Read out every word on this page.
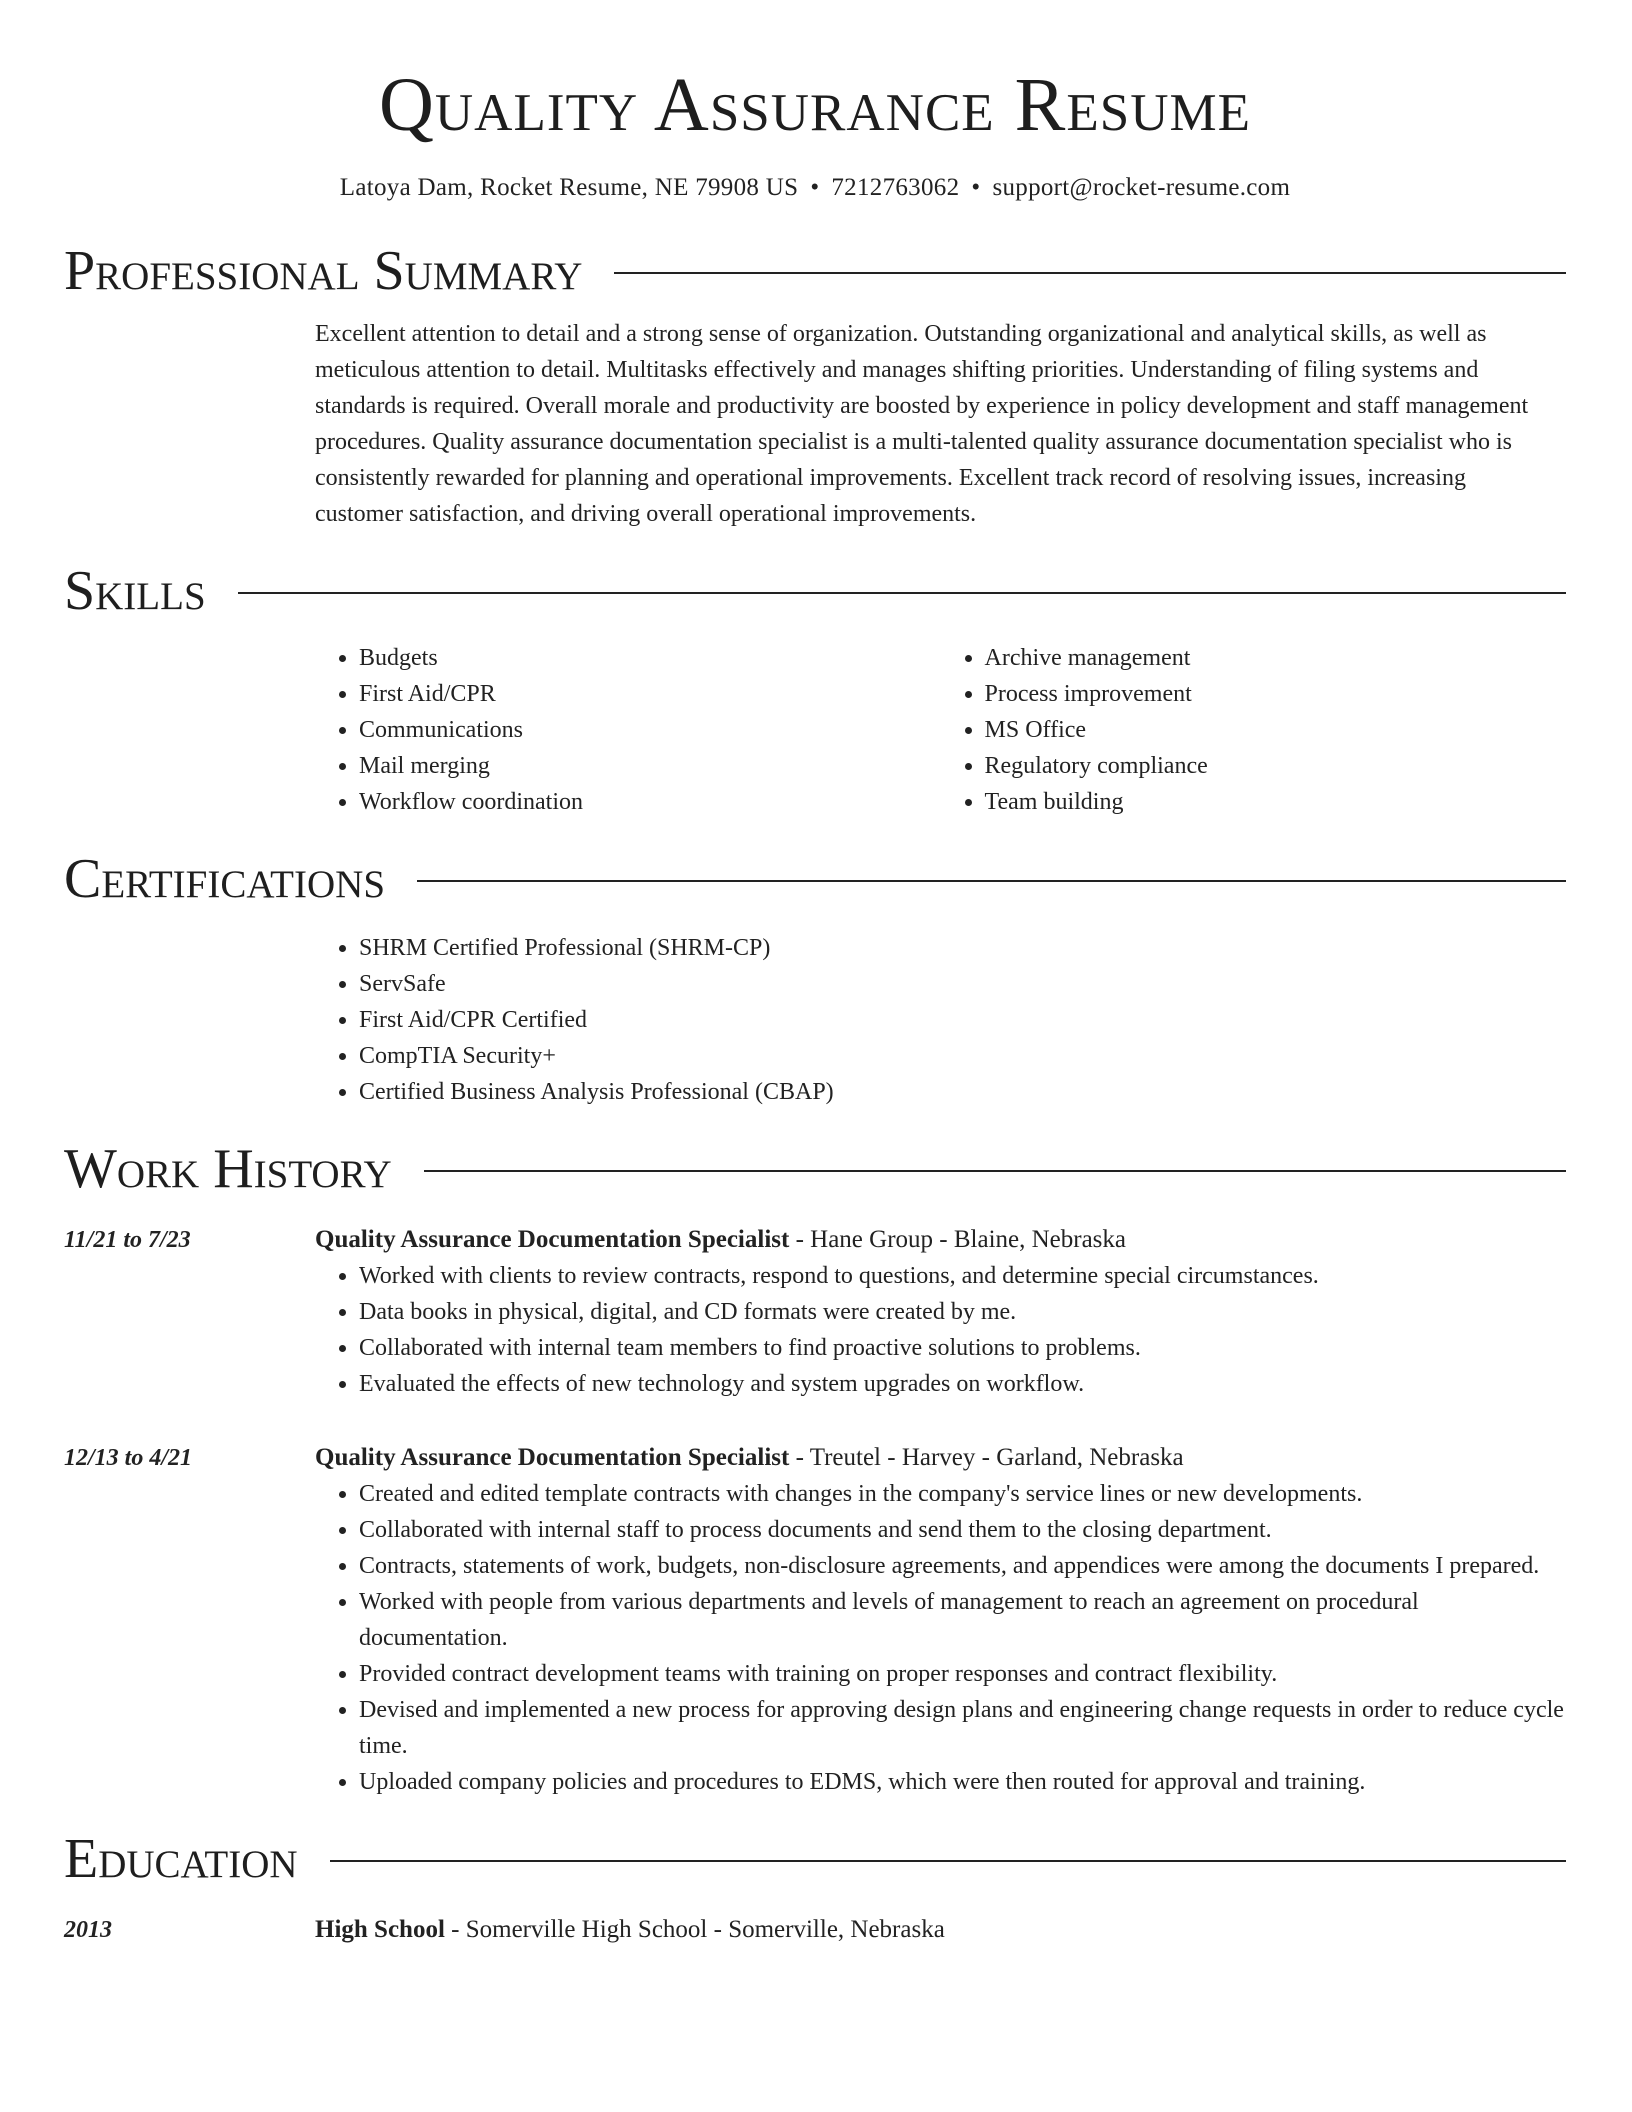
Quality Assurance Resume
Latoya Dam, Rocket Resume, NE 79908 US • 7212763062 • support@rocket-resume.com
Professional Summary
Excellent attention to detail and a strong sense of organization. Outstanding organizational and analytical skills, as well as meticulous attention to detail. Multitasks effectively and manages shifting priorities. Understanding of filing systems and standards is required. Overall morale and productivity are boosted by experience in policy development and staff management procedures. Quality assurance documentation specialist is a multi-talented quality assurance documentation specialist who is consistently rewarded for planning and operational improvements. Excellent track record of resolving issues, increasing customer satisfaction, and driving overall operational improvements.
Skills
• Budgets
• First Aid/CPR
• Communications
• Mail merging
• Workflow coordination
• Archive management
• Process improvement
• MS Office
• Regulatory compliance
• Team building
Certifications
• SHRM Certified Professional (SHRM-CP)
• ServSafe
• First Aid/CPR Certified
• CompTIA Security+
• Certified Business Analysis Professional (CBAP)
Work History
11/21 to 7/23	Quality Assurance Documentation Specialist - Hane Group - Blaine, Nebraska
• Worked with clients to review contracts, respond to questions, and determine special circumstances.
• Data books in physical, digital, and CD formats were created by me.
• Collaborated with internal team members to find proactive solutions to problems.
• Evaluated the effects of new technology and system upgrades on workflow.
12/13 to 4/21	Quality Assurance Documentation Specialist - Treutel - Harvey - Garland, Nebraska
• Created and edited template contracts with changes in the company's service lines or new developments.
• Collaborated with internal staff to process documents and send them to the closing department.
• Contracts, statements of work, budgets, non-disclosure agreements, and appendices were among the documents I prepared.
• Worked with people from various departments and levels of management to reach an agreement on procedural documentation.
• Provided contract development teams with training on proper responses and contract flexibility.
• Devised and implemented a new process for approving design plans and engineering change requests in order to reduce cycle time.
• Uploaded company policies and procedures to EDMS, which were then routed for approval and training.
Education
2013	High School - Somerville High School - Somerville, Nebraska
